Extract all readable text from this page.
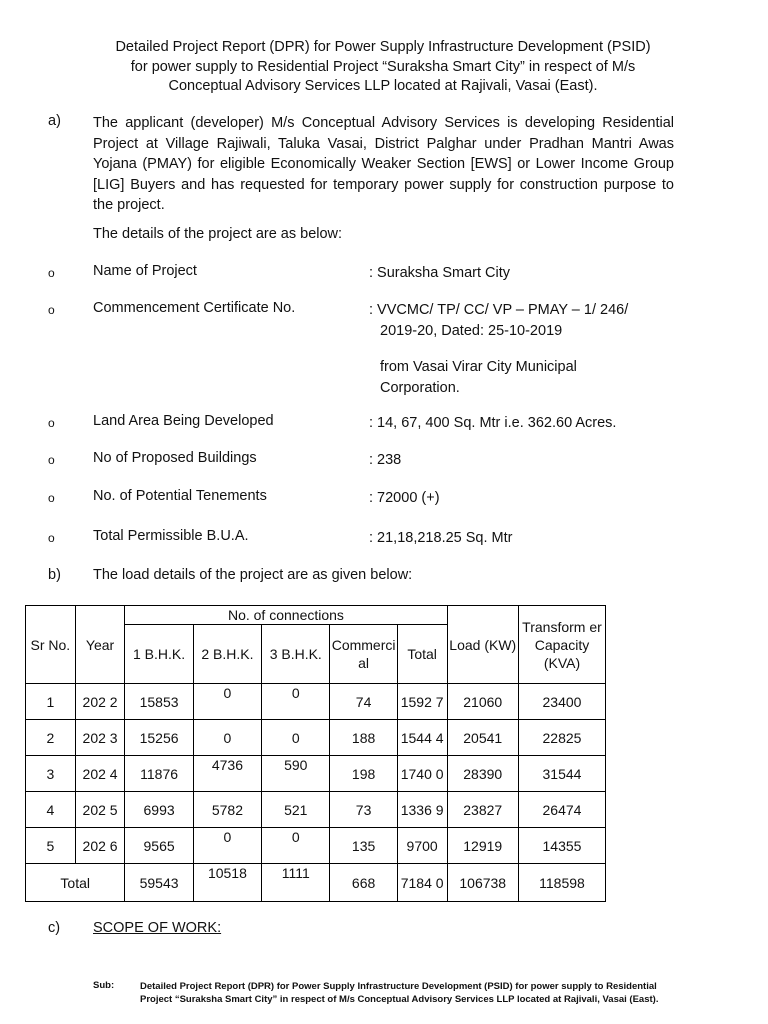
Detailed Project Report (DPR) for Power Supply Infrastructure Development (PSID)
for power supply to Residential Project “Suraksha Smart City” in respect of M/s
Conceptual Advisory Services LLP located at Rajivali, Vasai (East).
a) The applicant (developer) M/s Conceptual Advisory Services is developing Residential Project at Village Rajiwali, Taluka Vasai, District Palghar under Pradhan Mantri Awas Yojana (PMAY) for eligible Economically Weaker Section [EWS] or Lower Income Group [LIG] Buyers and has requested for temporary power supply for construction purpose to the project.
The details of the project are as below:
o	Name of Project	: Suraksha Smart City
o	Commencement Certificate No.	: VVCMC/ TP/ CC/ VP – PMAY – 1/ 246/
2019-20, Dated: 25-10-2019
from Vasai Virar City Municipal
Corporation.
o	Land Area Being Developed	: 14, 67, 400 Sq. Mtr i.e. 362.60 Acres.
o	No of Proposed Buildings	: 238
o	No. of Potential Tenements	: 72000 (+)
o	Total Permissible B.U.A.	: 21,18,218.25 Sq. Mtr
b) The load details of the project are as given below:
Sr No.	Year	No. of connections					Load (KW)	Transform er Capacity (KVA)
		1 B.H.K.	2 B.H.K.	3 B.H.K.	Commerci al	Total		
1	202 2	15853	0	0	74	1592 7	21060	23400
2	202 3	15256	0	0	188	1544 4	20541	22825
3	202 4	11876	4736	590	198	1740 0	28390	31544
4	202 5	6993	5782	521	73	1336 9	23827	26474
5	202 6	9565	0	0	135	9700	12919	14355
Total		59543	10518	1111	668	7184 0	106738	118598
c) SCOPE OF WORK:
Sub:	Detailed Project Report (DPR) for Power Supply Infrastructure Development (PSID) for power supply to Residential
Project “Suraksha Smart City” in respect of M/s Conceptual Advisory Services LLP located at Rajivali, Vasai (East).
